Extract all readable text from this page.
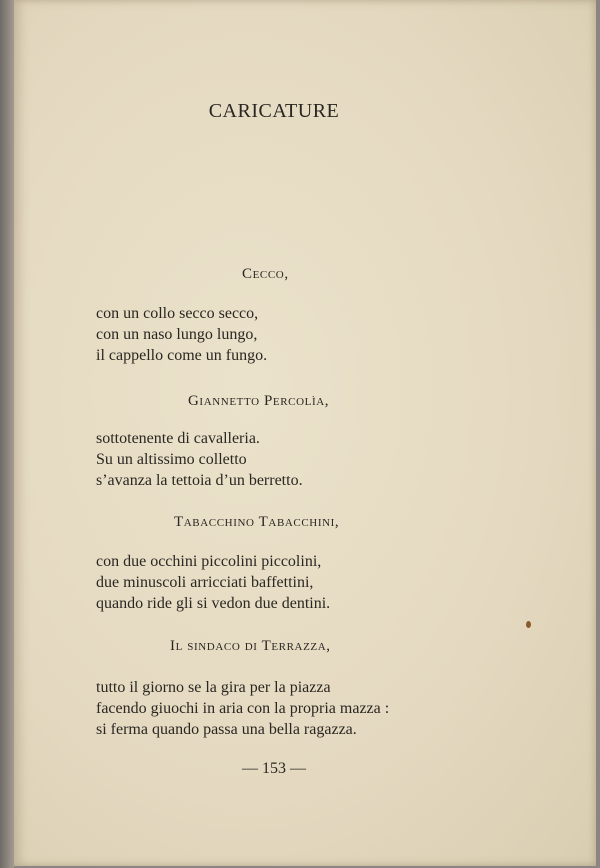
CARICATURE
Cecco,
con un collo secco secco,
con un naso lungo lungo,
il cappello come un fungo.
Giannetto Percolìa,
sottotenente di cavalleria.
Su un altissimo colletto
s’avanza la tettoia d’un berretto.
Tabacchino Tabacchini,
con due occhini piccolini piccolini,
due minuscoli arricciati baffettini,
quando ride gli si vedon due dentini.
Il sindaco di Terrazza,
tutto il giorno se la gira per la piazza
facendo giuochi in aria con la propria mazza :
si ferma quando passa una bella ragazza.
— 153 —
